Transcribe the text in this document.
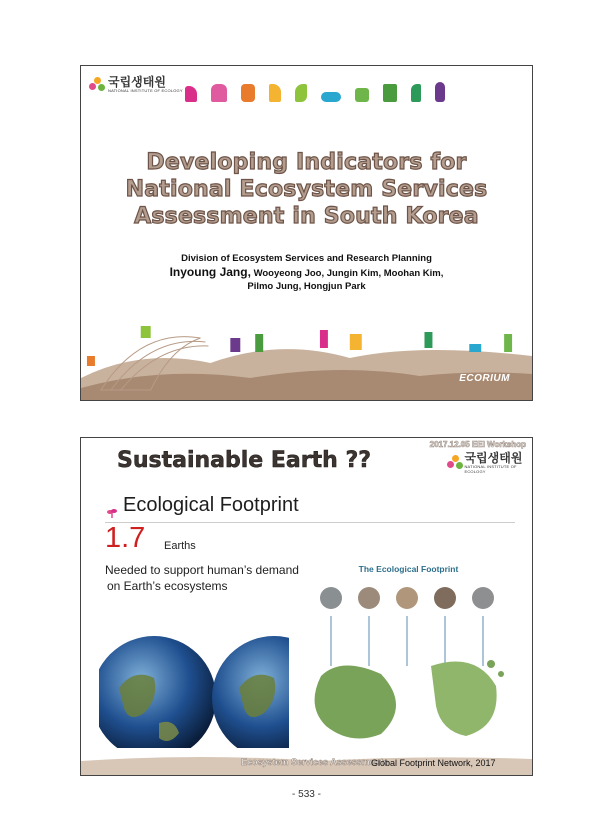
국립생태원
NATIONAL INSTITUTE OF ECOLOGY
Developing Indicators for
National Ecosystem Services
Assessment in South Korea
Division of Ecosystem Services and Research Planning
Inyoung Jang, Wooyeong Joo, Jungin Kim, Moohan Kim,
Pilmo Jung, Hongjun Park
ECORIUM
2017.12.05 EEI Workshop
Sustainable Earth ??	국립생태원
NATIONAL INSTITUTE OF ECOLOGY
Ecological Footprint
1.7 Earths
Needed to support human’s demand
on Earth’s ecosystems
The Ecological Footprint
Ecosystem Services Assessments
Global Footprint Network, 2017
- 533 -
